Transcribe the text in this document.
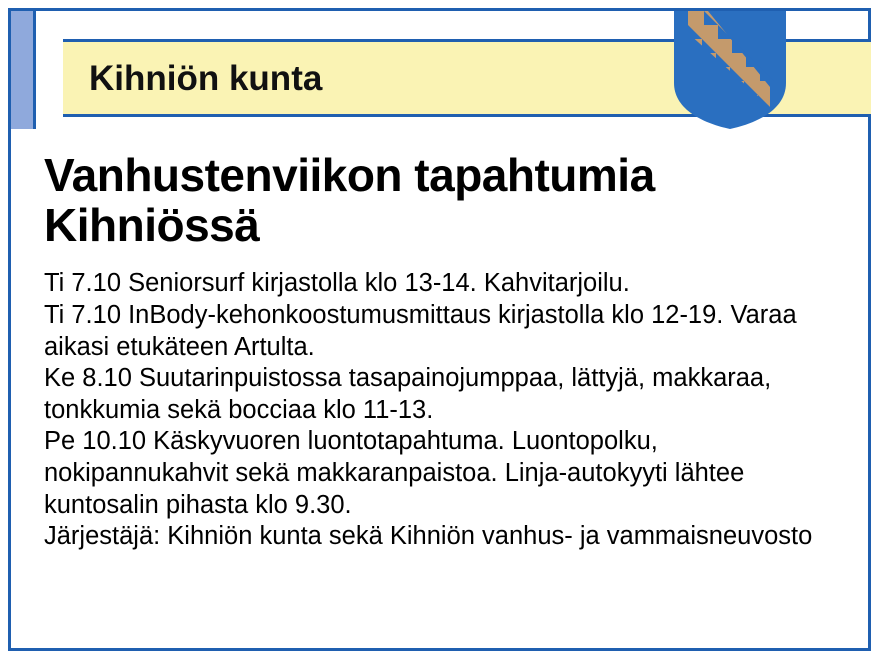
Kihniön kunta
Vanhustenviikon tapahtumia Kihniössä
Ti 7.10 Seniorsurf kirjastolla klo 13-14. Kahvitarjoilu.
Ti 7.10 InBody-kehonkoostumusmittaus kirjastolla klo 12-19. Varaa aikasi etukäteen Artulta.
Ke 8.10 Suutarinpuistossa tasapainojumppaa, lättyjä, makkaraa, tonkkumia sekä bocciaa klo 11-13.
Pe 10.10 Käskyvuoren luontotapahtuma. Luontopolku, nokipannukahvit sekä makkaranpaistoa. Linja-autokyyti lähtee kuntosalin pihasta klo 9.30.
Järjestäjä: Kihniön kunta sekä Kihniön vanhus- ja vammaisneuvosto
